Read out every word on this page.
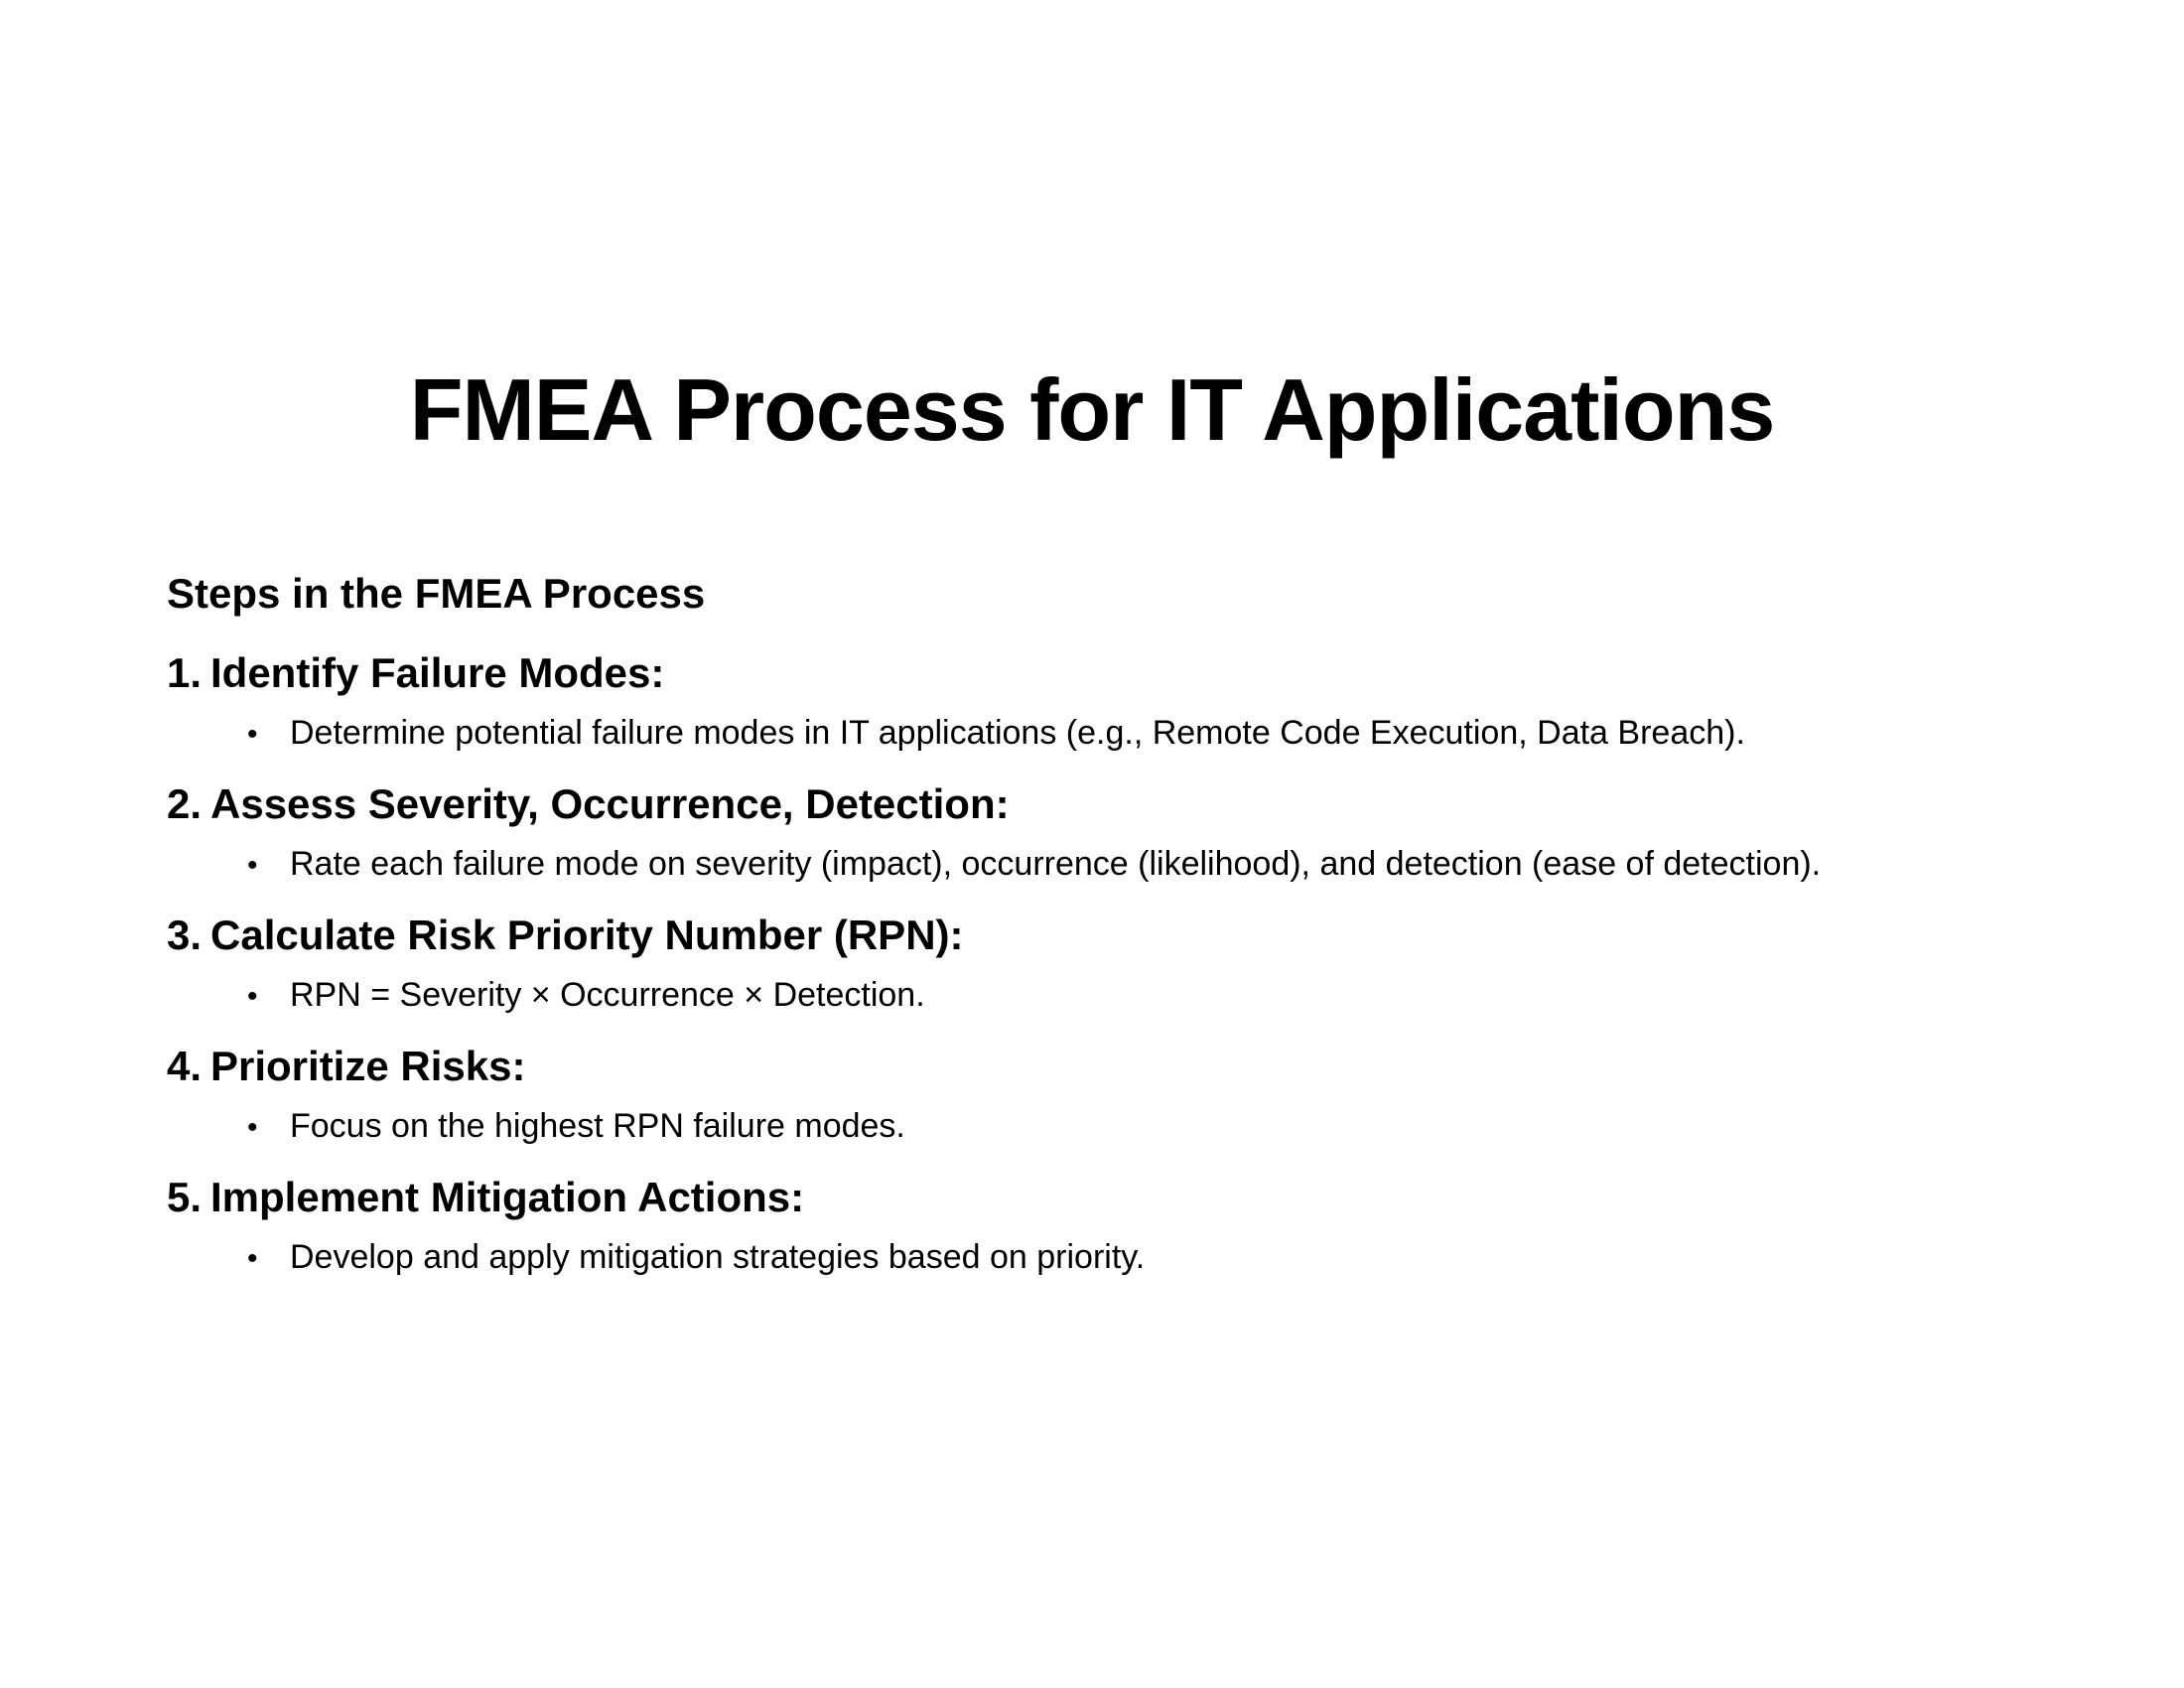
FMEA Process for IT Applications
Steps in the FMEA Process
1. Identify Failure Modes:
• Determine potential failure modes in IT applications (e.g., Remote Code Execution, Data Breach).
2. Assess Severity, Occurrence, Detection:
• Rate each failure mode on severity (impact), occurrence (likelihood), and detection (ease of detection).
3. Calculate Risk Priority Number (RPN):
• RPN = Severity × Occurrence × Detection.
4. Prioritize Risks:
• Focus on the highest RPN failure modes.
5. Implement Mitigation Actions:
• Develop and apply mitigation strategies based on priority.
